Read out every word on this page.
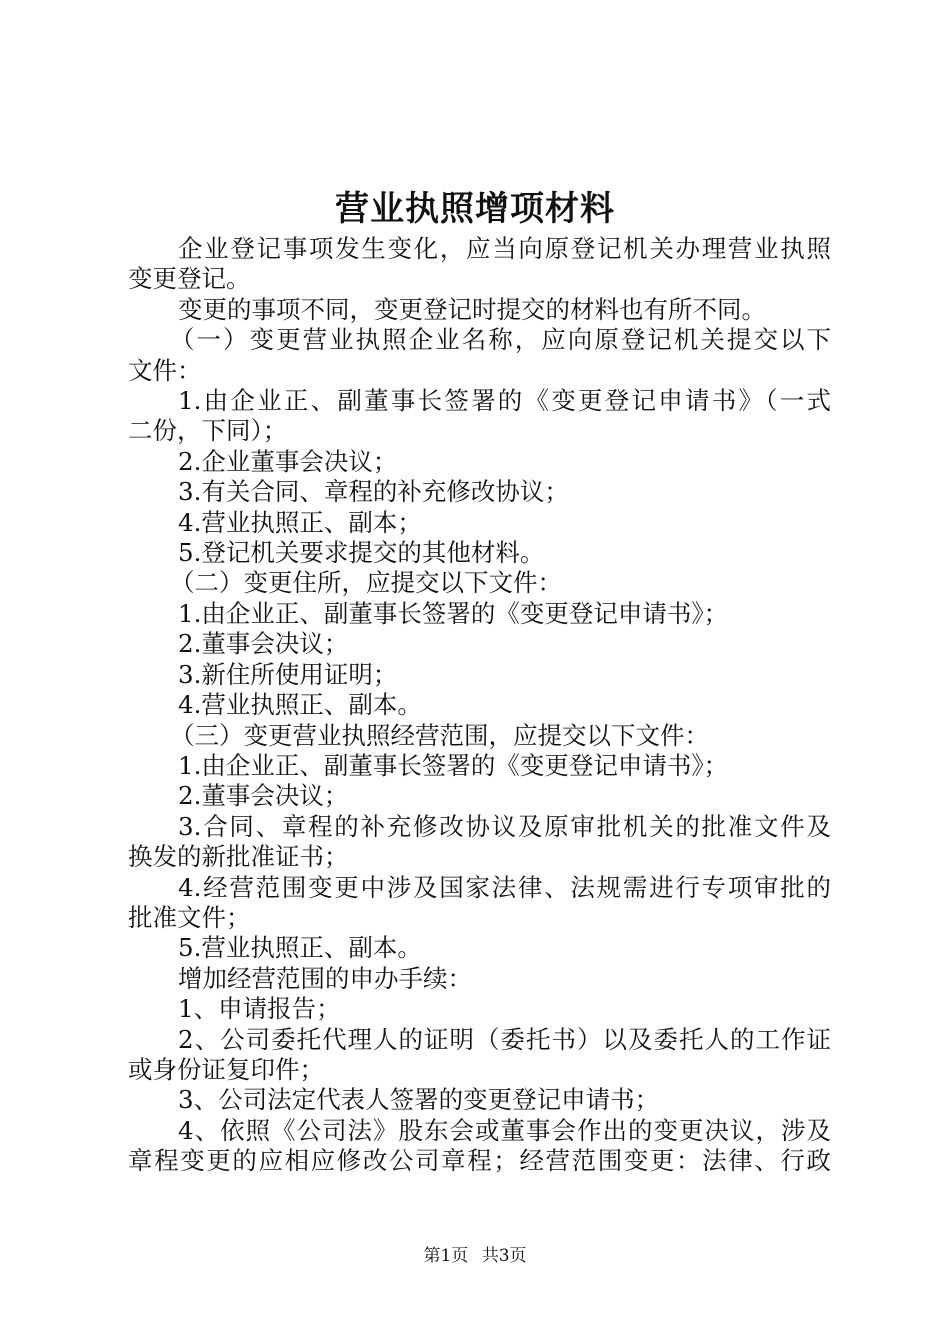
营业执照增项材料

企业登记事项发生变化，应当向原登记机关办理营业执照

变更登记。

变更的事项不同，变更登记时提交的材料也有所不同。

（一）变更营业执照企业名称，应向原登记机关提交以下

文件：

1.由企业正、副董事长签署的《变更登记申请书》（一式

二份，下同）；

2.企业董事会决议；

3.有关合同、章程的补充修改协议；

4.营业执照正、副本；

5.登记机关要求提交的其他材料。

（二）变更住所，应提交以下文件：

1.由企业正、副董事长签署的《变更登记申请书》；

2.董事会决议；

3.新住所使用证明；

4.营业执照正、副本。

（三）变更营业执照经营范围，应提交以下文件：

1.由企业正、副董事长签署的《变更登记申请书》；

2.董事会决议；

3.合同、章程的补充修改协议及原审批机关的批准文件及

换发的新批准证书；

4.经营范围变更中涉及国家法律、法规需进行专项审批的

批准文件；

5.营业执照正、副本。

增加经营范围的申办手续：

1、申请报告；

2、公司委托代理人的证明（委托书）以及委托人的工作证

或身份证复印件；

3、公司法定代表人签署的变更登记申请书；

4、依照《公司法》股东会或董事会作出的变更决议，涉及

章程变更的应相应修改公司章程；经营范围变更：法律、行政

第1页 共3页
